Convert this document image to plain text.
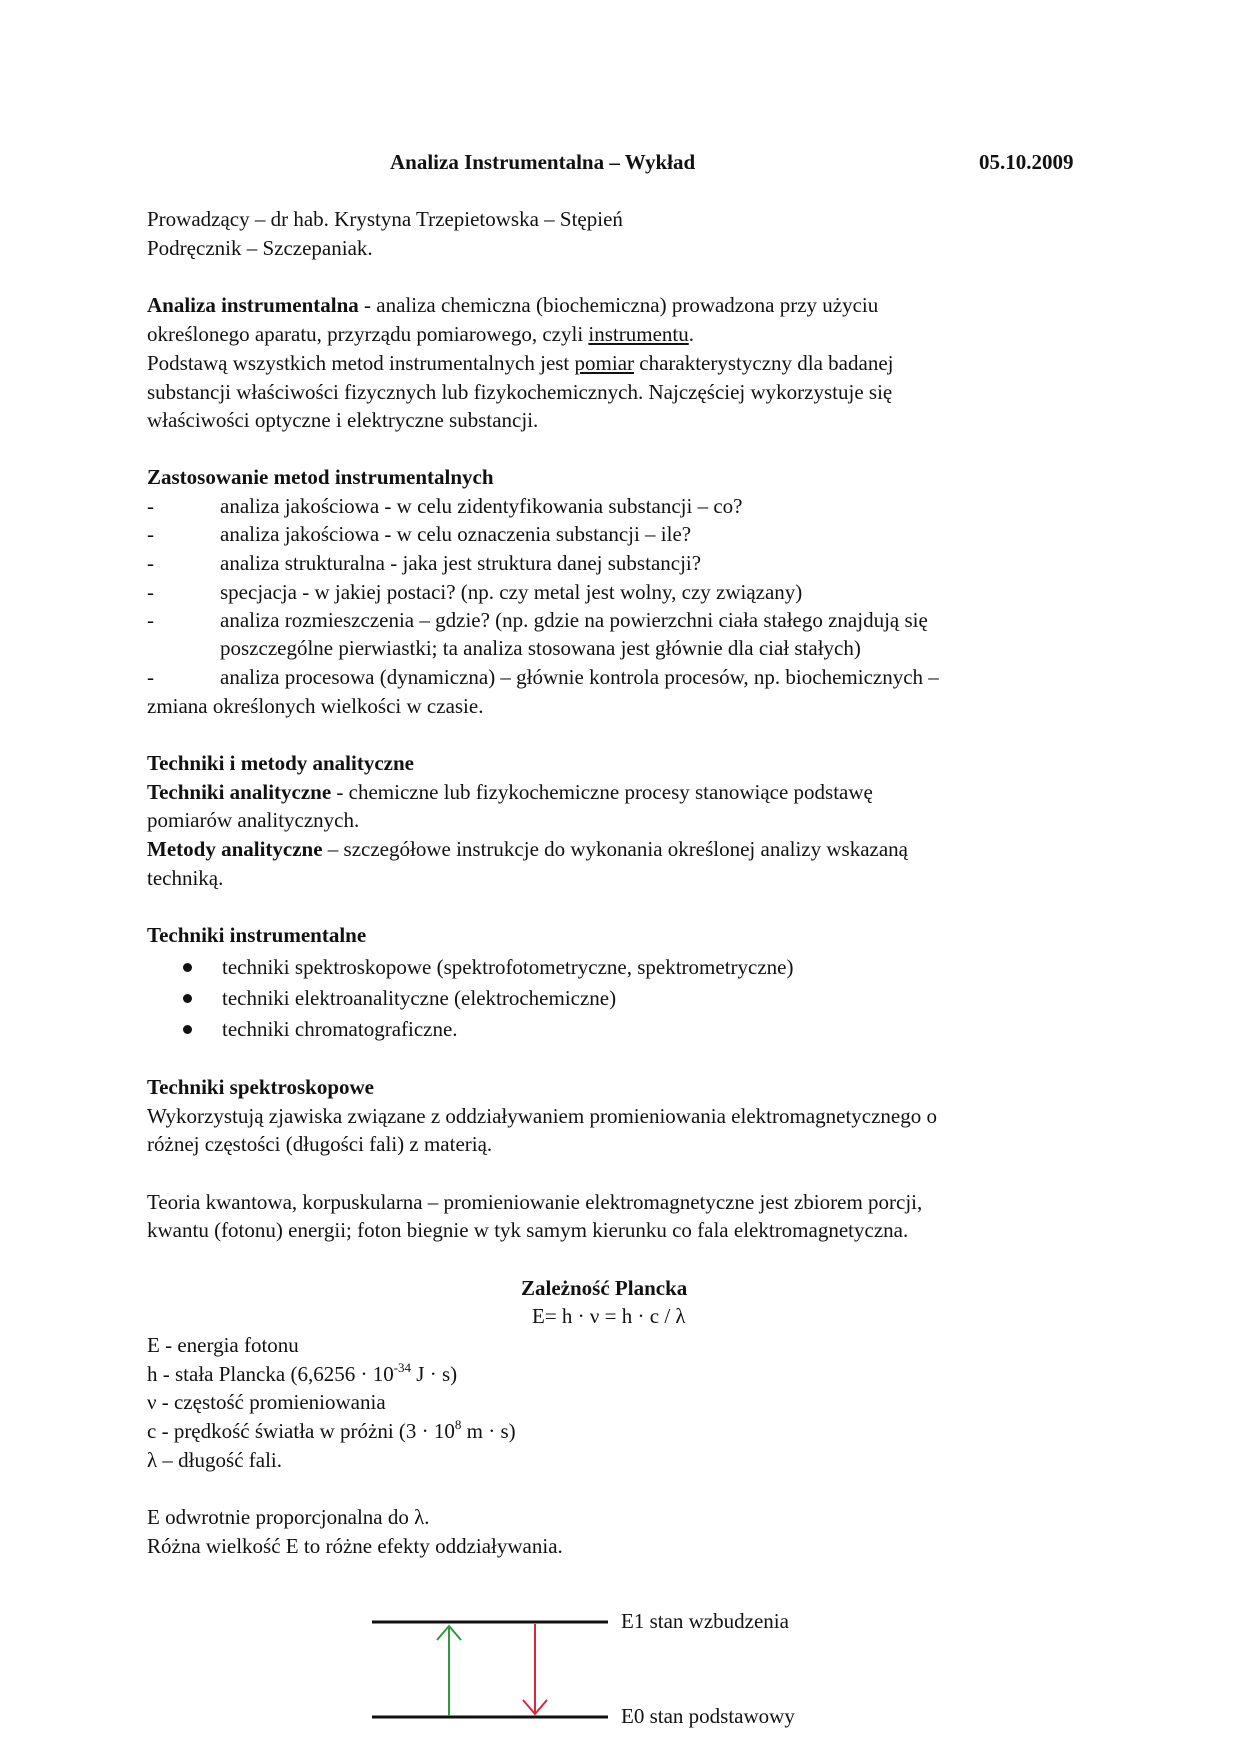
Analiza Instrumentalna – Wykład	05.10.2009
Prowadzący – dr hab. Krystyna Trzepietowska – Stępień
Podręcznik – Szczepaniak.
Analiza instrumentalna - analiza chemiczna (biochemiczna) prowadzona przy użyciu
określonego aparatu, przyrządu pomiarowego, czyli instrumentu.
Podstawą wszystkich metod instrumentalnych jest pomiar charakterystyczny dla badanej
substancji właściwości fizycznych lub fizykochemicznych. Najczęściej wykorzystuje się
właściwości optyczne i elektryczne substancji.
Zastosowanie metod instrumentalnych
-	analiza jakościowa - w celu zidentyfikowania substancji – co?
-	analiza jakościowa - w celu oznaczenia substancji – ile?
-	analiza strukturalna - jaka jest struktura danej substancji?
-	specjacja - w jakiej postaci? (np. czy metal jest wolny, czy związany)
-	analiza rozmieszczenia – gdzie? (np. gdzie na powierzchni ciała stałego znajdują się
poszczególne pierwiastki; ta analiza stosowana jest głównie dla ciał stałych)
-	analiza procesowa (dynamiczna) – głównie kontrola procesów, np. biochemicznych –
zmiana określonych wielkości w czasie.
Techniki i metody analityczne
Techniki analityczne - chemiczne lub fizykochemiczne procesy stanowiące podstawę
pomiarów analitycznych.
Metody analityczne – szczegółowe instrukcje do wykonania określonej analizy wskazaną
techniką.
Techniki instrumentalne
techniki spektroskopowe (spektrofotometryczne, spektrometryczne)
techniki elektroanalityczne (elektrochemiczne)
techniki chromatograficzne.
Techniki spektroskopowe
Wykorzystują zjawiska związane z oddziaływaniem promieniowania elektromagnetycznego o
różnej częstości (długości fali) z materią.
Teoria kwantowa, korpuskularna – promieniowanie elektromagnetyczne jest zbiorem porcji,
kwantu (fotonu) energii; foton biegnie w tyk samym kierunku co fala elektromagnetyczna.
Zależność Plancka
E= h · ν = h · c / λ
E - energia fotonu
h - stała Plancka ($6,6256 \cdot 10^{-34}$ J · s)
ν - częstość promieniowania
c - prędkość światła w próżni ($3 \cdot 10^8$ m · s)
λ – długość fali.
E odwrotnie proporcjonalna do λ.
Różna wielkość E to różne efekty oddziaływania.
E1 stan wzbudzenia
E0 stan podstawowy
